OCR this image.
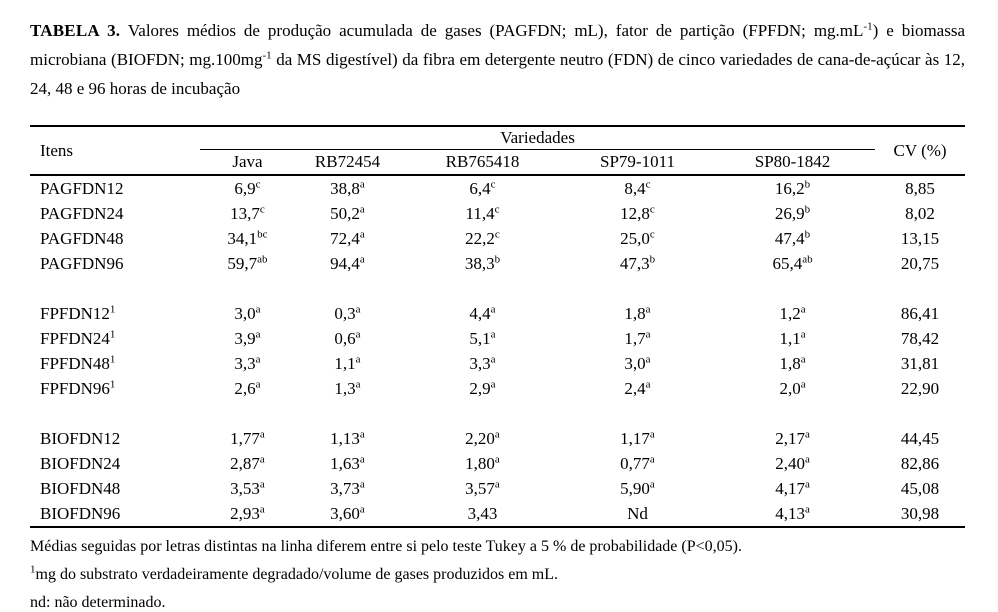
TABELA 3. Valores médios de produção acumulada de gases (PAGFDN; mL), fator de partição (FPFDN; $mg.mL^{-1}$) e biomassa microbiana (BIOFDN; $mg.100mg^{-1}$ da MS digestível) da fibra em detergente neutro (FDN) de cinco variedades de cana-de-açúcar às 12, 24, 48 e 96 horas de incubação

Itens	Variedades					CV (%)
	Java	RB72454	RB765418	SP79-1011	SP80-1842	
PAGFDN12	6,9$^c$	38,8$^a$	6,4$^c$	8,4$^c$	16,2$^b$	8,85
PAGFDN24	13,7$^c$	50,2$^a$	11,4$^c$	12,8$^c$	26,9$^b$	8,02
PAGFDN48	34,1$^{bc}$	72,4$^a$	22,2$^c$	25,0$^c$	47,4$^b$	13,15
PAGFDN96	59,7$^{ab}$	94,4$^a$	38,3$^b$	47,3$^b$	65,4$^{ab}$	20,75

$FPFDN12^1$	3,0$^a$	0,3$^a$	4,4$^a$	1,8$^a$	1,2$^a$	86,41
$FPFDN24^1$	3,9$^a$	0,6$^a$	5,1$^a$	1,7$^a$	1,1$^a$	78,42
$FPFDN48^1$	3,3$^a$	1,1$^a$	3,3$^a$	3,0$^a$	1,8$^a$	31,81
$FPFDN96^1$	2,6$^a$	1,3$^a$	2,9$^a$	2,4$^a$	2,0$^a$	22,90

BIOFDN12	1,77$^a$	1,13$^a$	2,20$^a$	1,17$^a$	2,17$^a$	44,45
BIOFDN24	2,87$^a$	1,63$^a$	1,80$^a$	0,77$^a$	2,40$^a$	82,86
BIOFDN48	3,53$^a$	3,73$^a$	3,57$^a$	5,90$^a$	4,17$^a$	45,08
BIOFDN96	2,93$^a$	3,60$^a$	3,43	Nd	4,13$^a$	30,98

Médias seguidas por letras distintas na linha diferem entre si pelo teste Tukey a 5 % de probabilidade (P<0,05).

$^1$mg do substrato verdadeiramente degradado/volume de gases produzidos em mL.

nd: não determinado.
